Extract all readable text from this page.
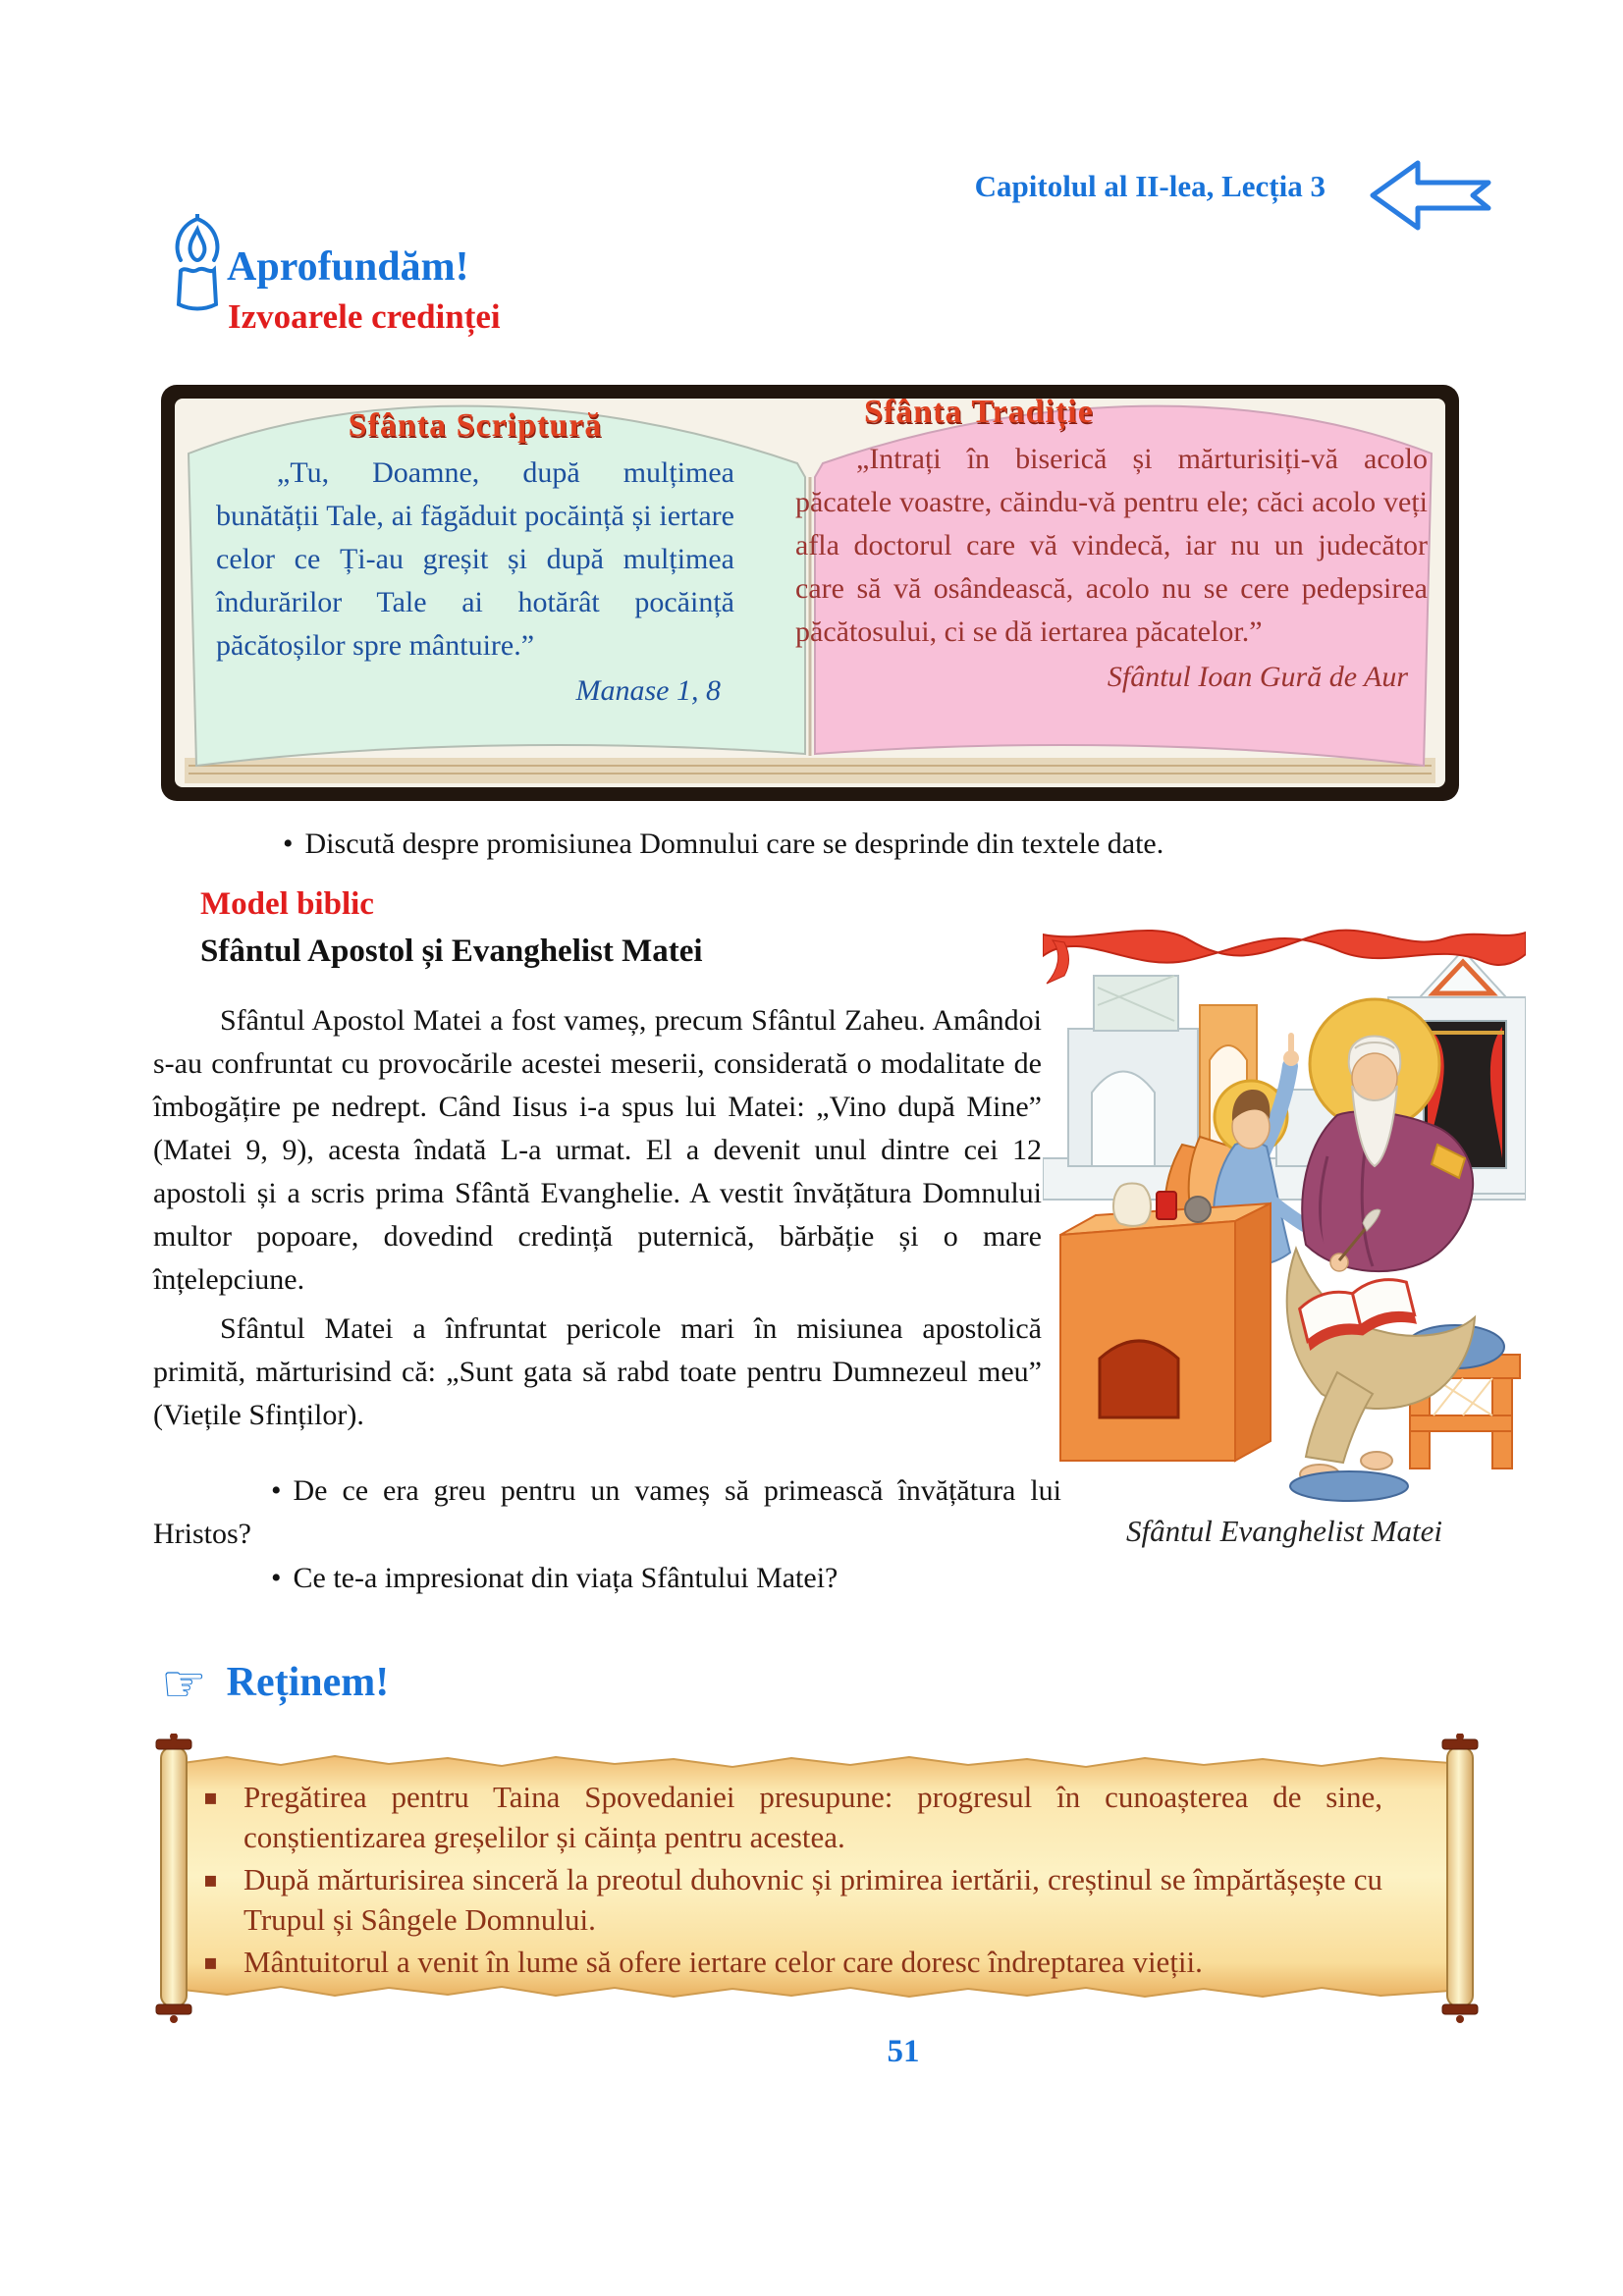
Capitolul al II-lea, Lecția 3
Aprofundăm!
Izvoarele credinței
Sfânta Scriptură
„Tu, Doamne, după mulțimea bunătății Tale, ai făgăduit pocăință și iertare celor ce Ți-au greșit și după mulțimea îndurărilor Tale ai hotărât pocăință păcătoșilor spre mântuire.”
Manase 1, 8
Sfânta Tradiție
„Intrați în biserică și mărturisiți-vă acolo păcatele voastre, căindu-vă pentru ele; căci acolo veți afla doctorul care vă vindecă, iar nu un judecător care să vă osândească, acolo nu se cere pedepsirea păcătosului, ci se dă iertarea păcatelor.”
Sfântul Ioan Gură de Aur
• Discută despre promisiunea Domnului care se desprinde din textele date.
Model biblic
Sfântul Apostol și Evanghelist Matei
Sfântul Apostol Matei a fost vameș, precum Sfântul Zaheu. Amândoi s-au confruntat cu provocările acestei meserii, considerată o modalitate de îmbogățire pe nedrept. Când Iisus i-a spus lui Matei: „Vino după Mine” (Matei 9, 9), acesta îndată L-a urmat. El a devenit unul dintre cei 12 apostoli și a scris prima Sfântă Evanghelie. A vestit învățătura Domnului multor popoare, dovedind credință puternică, bărbăție și o mare înțelepciune.
Sfântul Matei a înfruntat pericole mari în misiunea apostolică primită, mărturisind că: „Sunt gata să rabd toate pentru Dumnezeul meu” (Viețile Sfinților).
• De ce era greu pentru un vameș să primească învățătura lui Hristos?
• Ce te-a impresionat din viața Sfântului Matei?
Sfântul Evanghelist Matei
☞ Reținem!
▪ Pregătirea pentru Taina Spovedaniei presupune: progresul în cunoașterea de sine, conștientizarea greșelilor și căința pentru acestea.
▪ După mărturisirea sinceră la preotul duhovnic și primirea iertării, creștinul se împărtășește cu Trupul și Sângele Domnului.
▪ Mântuitorul a venit în lume să ofere iertare celor care doresc îndreptarea vieții.
51
